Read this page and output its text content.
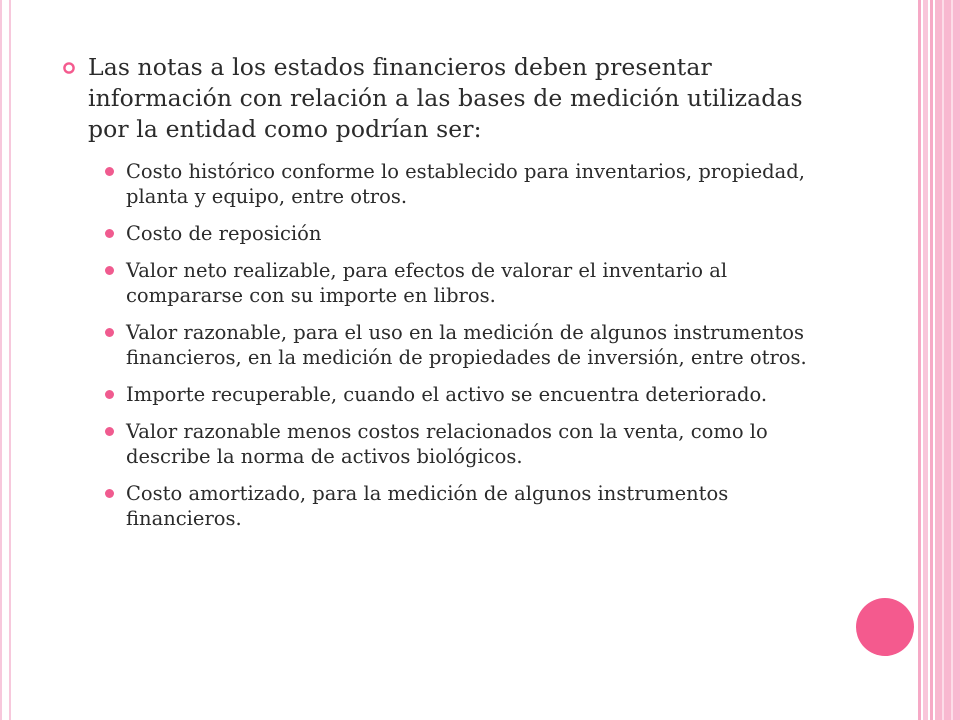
Las notas a los estados financieros deben presentar información con relación a las bases de medición utilizadas por la entidad como podrían ser:
Costo histórico conforme lo establecido para inventarios, propiedad, planta y equipo, entre otros.
Costo de reposición
Valor neto realizable, para efectos de valorar el inventario al compararse con su importe en libros.
Valor razonable, para el uso en la medición de algunos instrumentos financieros, en la medición de propiedades de inversión, entre otros.
Importe recuperable, cuando el activo se encuentra deteriorado.
Valor razonable menos costos relacionados con la venta, como lo describe la norma de activos biológicos.
Costo amortizado, para la medición de algunos instrumentos financieros.
